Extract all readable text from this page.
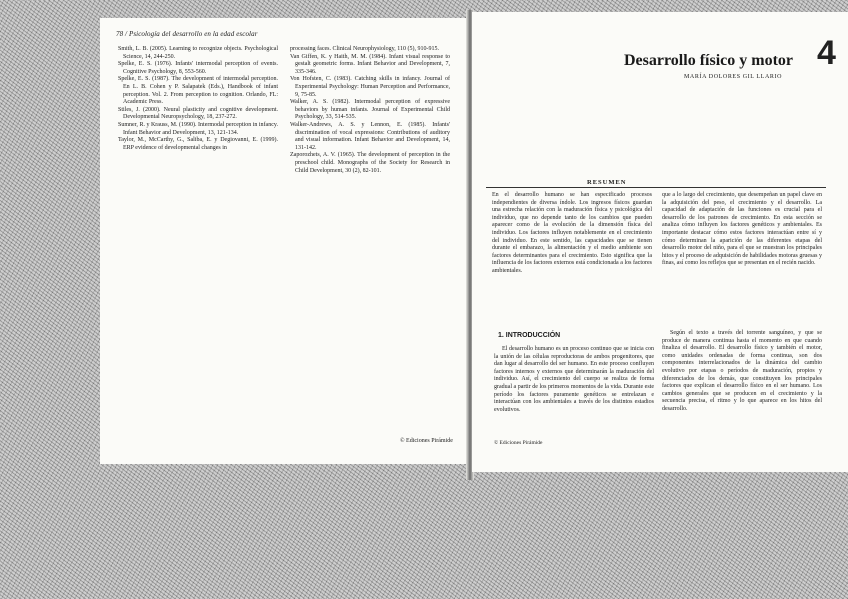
78 / Psicología del desarrollo en la edad escolar

Smith, L. B. (2005). Learning to recognize objects. Psychological Science, 14, 244-250.

Spelke, E. S. (1976). Infants' intermodal perception of events. Cognitive Psychology, 8, 553-560.

Spelke, E. S. (1987). The development of intermodal perception. En L. B. Cohen y P. Salapatek (Eds.), Handbook of infant perception. Vol. 2. From perception to cognition. Orlando, FL: Academic Press.

Stiles, J. (2000). Neural plasticity and cognitive development. Developmental Neuropsychology, 18, 237-272.

Sumner, R. y Krauss, M. (1990). Intermodal perception in infancy. Infant Behavior and Development, 13, 121-134.

Taylor, M., McCarthy, G., Saliba, E. y Degiovanni, E. (1999). ERP evidence of developmental changes in

processing faces. Clinical Neurophysiology, 110 (5), 910-915.

Van Giffen, K. y Haith, M. M. (1984). Infant visual response to gestalt geometric forms. Infant Behavior and Development, 7, 335-346.

Von Hofsten, C. (1983). Catching skills in infancy. Journal of Experimental Psychology: Human Perception and Performance, 9, 75-85.

Walker, A. S. (1982). Intermodal perception of expressive behaviors by human infants. Journal of Experimental Child Psychology, 33, 514-535.

Walker-Andrews, A. S. y Lennon, E. (1985). Infants' discrimination of vocal expressions: Contributions of auditory and visual information. Infant Behavior and Development, 14, 131-142.

Zaporozhets, A. V. (1965). The development of perception in the preschool child. Monographs of the Society for Research in Child Development, 30 (2), 82-101.

© Ediciones Pirámide
4
Desarrollo físico y motor
MARÍA DOLORES GIL LLARIO
RESUMEN
En el desarrollo humano se han especificado procesos independientes de diversa índole. Los ingresos físicos guardan una estrecha relación con la maduración física y psicológica del individuo, que no depende tanto de los cambios que pueden aparecer como de la evolución de la dimensión física del individuo. Los factores influyen notablemente en el crecimiento del individuo. En este sentido, las capacidades que se tienen durante el embarazo, la alimentación y el medio ambiente son factores determinantes para el crecimiento. Esto significa que la influencia de los factores externos está condicionada a los factores ambientales.
que a lo largo del crecimiento, que desempeñan un papel clave en la adquisición del peso, el crecimiento y el desarrollo. La capacidad de adaptación de las funciones es crucial para el desarrollo de los patrones de crecimiento. En esta sección se analiza cómo influyen los factores genéticos y ambientales. Es importante destacar cómo estos factores interactúan entre sí y cómo determinan la aparición de las diferentes etapas del desarrollo motor del niño, para el que se muestran los principales hitos y el proceso de adquisición de habilidades motoras gruesas y finas, así como los reflejos que se presentan en el recién nacido.
1. INTRODUCCIÓN

El desarrollo humano es un proceso continuo que se inicia con la unión de las células reproductoras de ambos progenitores, que dan lugar al desarrollo del ser humano. En este proceso confluyen factores internos y externos que determinarán la maduración del individuo. Así, el crecimiento del cuerpo se realiza de forma gradual a partir de los primeros momentos de la vida. Durante este período los factores puramente genéticos se entrelazan e interactúan con los ambientales a través de los distintos estadios evolutivos.

Según el texto a través del torrente sanguíneo, y que se produce de manera continua hasta el momento en que cuando finaliza el desarrollo. El desarrollo físico y también el motor, como unidades ordenadas de forma continua, son dos componentes interrelacionados de la dinámica del cambio evolutivo por etapas o períodos de maduración, propios y diferenciados de los demás, que constituyen los principales factores que explican el desarrollo físico en el ser humano. Los cambios generales que se producen en el crecimiento y la secuencia precisa, el ritmo y lo que aparece en los hitos del desarrollo.

© Ediciones Pirámide
